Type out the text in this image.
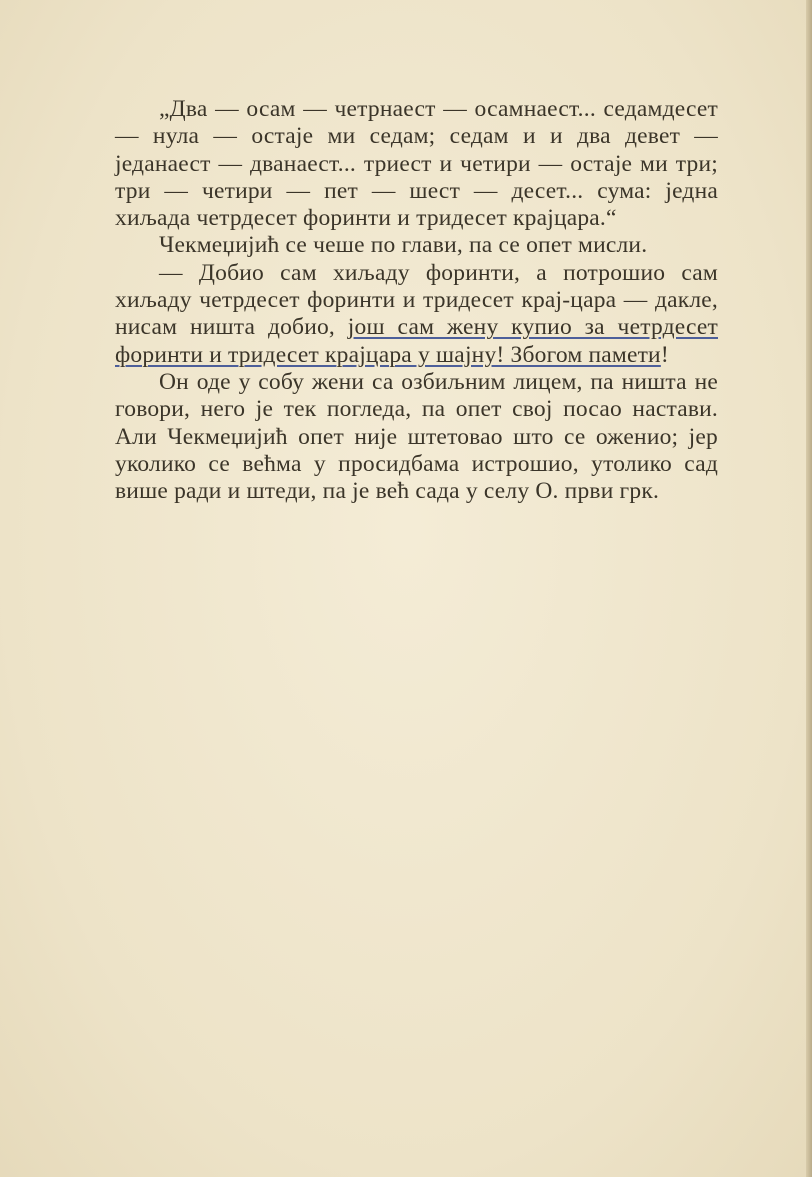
„Два — осам — четрнаест — осамнаест... седамдесет — нула — остаје ми седам; седам и и два девет — једанаест — дванаест... триест и четири — остаје ми три; три — четири — пет — шест — десет... сума: једна хиљада четрдесет форинти и тридесет крајцара.“

Чекмеџијић се чеше по глави, па се опет мисли.

— Добио сам хиљаду форинти, а потрошио сам хиљаду четрдесет форинти и тридесет крај-цара — дакле, нисам ништа добио, још сам жену купио за четрдесет форинти и тридесет крајцара у шајну! Збогом памети!

Он оде у собу жени са озбиљним лицем, па ништа не говори, него је тек погледа, па опет свој посао настави. Али Чекмеџијић опет није штетовао што се оженио; јер уколико се већма у просидбама истрошио, утолико сад више ради и штеди, па је већ сада у селу О. први грк.
